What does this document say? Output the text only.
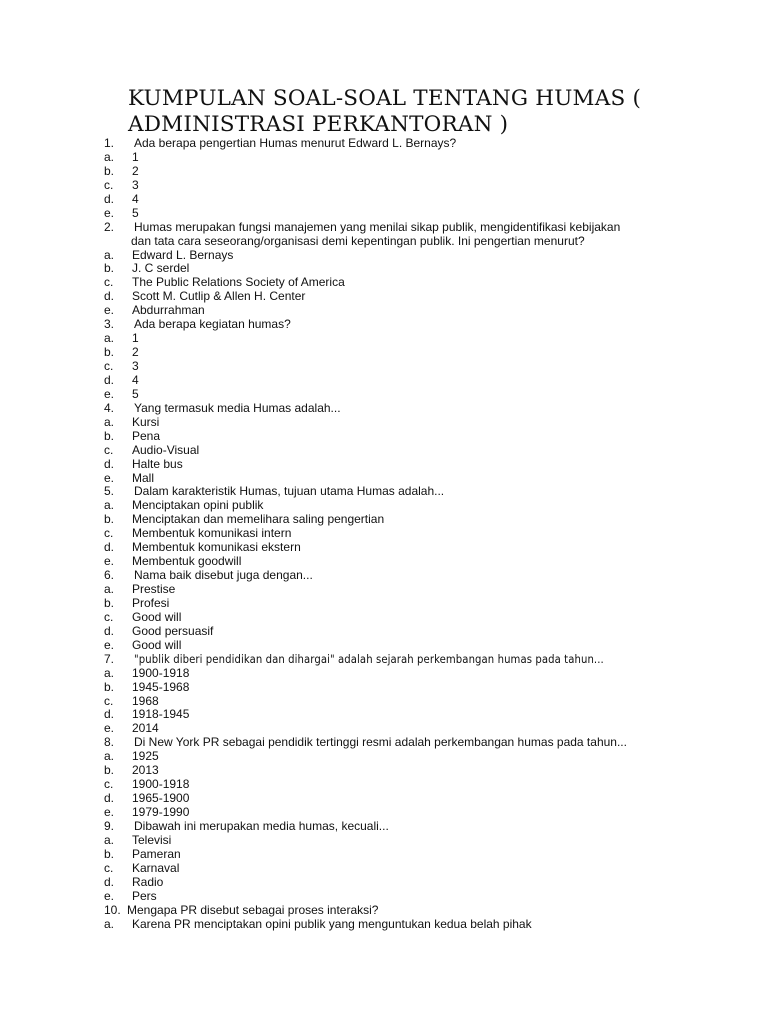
KUMPULAN SOAL-SOAL TENTANG HUMAS (
ADMINISTRASI PERKANTORAN )
1. Ada berapa pengertian Humas menurut Edward L. Bernays?
a. 1
b. 2
c. 3
d. 4
e. 5
2. Humas merupakan fungsi manajemen yang menilai sikap publik, mengidentifikasi kebijakan
dan tata cara seseorang/organisasi demi kepentingan publik. Ini pengertian menurut?
a. Edward L. Bernays
b. J. C serdel
c. The Public Relations Society of America
d. Scott M. Cutlip & Allen H. Center
e. Abdurrahman
3. Ada berapa kegiatan humas?
a. 1
b. 2
c. 3
d. 4
e. 5
4. Yang termasuk media Humas adalah...
a. Kursi
b. Pena
c. Audio-Visual
d. Halte bus
e. Mall
5. Dalam karakteristik Humas, tujuan utama Humas adalah...
a. Menciptakan opini publik
b. Menciptakan dan memelihara saling pengertian
c. Membentuk komunikasi intern
d. Membentuk komunikasi ekstern
e. Membentuk goodwill
6. Nama baik disebut juga dengan...
a. Prestise
b. Profesi
c. Good will
d. Good persuasif
e. Good will
7. "publik diberi pendidikan dan dihargai" adalah sejarah perkembangan humas pada tahun...
a. 1900-1918
b. 1945-1968
c. 1968
d. 1918-1945
e. 2014
8. Di New York PR sebagai pendidik tertinggi resmi adalah perkembangan humas pada tahun...
a. 1925
b. 2013
c. 1900-1918
d. 1965-1900
e. 1979-1990
9. Dibawah ini merupakan media humas, kecuali...
a. Televisi
b. Pameran
c. Karnaval
d. Radio
e. Pers
10. Mengapa PR disebut sebagai proses interaksi?
a. Karena PR menciptakan opini publik yang menguntukan kedua belah pihak
